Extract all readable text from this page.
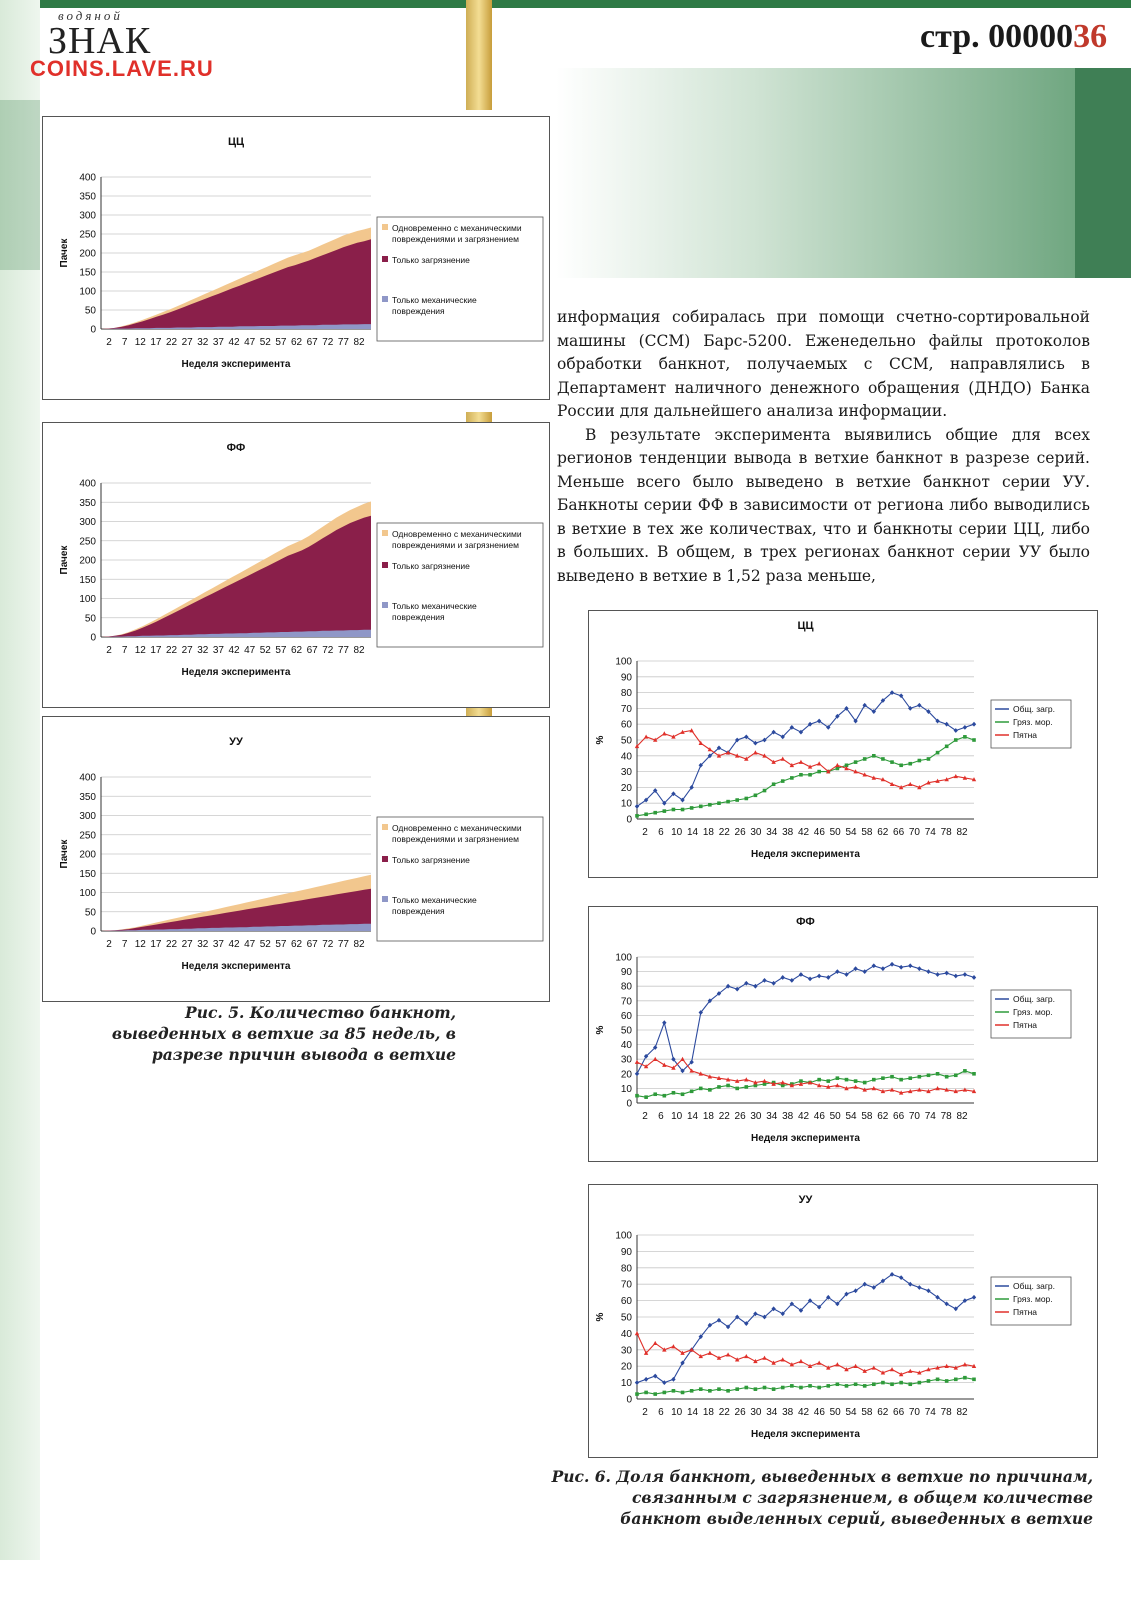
водяной
ЗНАК
COINS.LAVE.RU
стр. 0000036
ЦЦ
0
50
100
150
200
250
300
350
400
2 7 12 17 22 27 32 37 42 47 52 57 62 67 72 77 82
Неделя эксперимента
Пачек
Одновременно с механическими
повреждениями и загрязнением
Только загрязнение
Только механические
повреждения
ФФ
0
50
100
150
200
250
300
350
400
2 7 12 17 22 27 32 37 42 47 52 57 62 67 72 77 82
Неделя эксперимента
Пачек
Одновременно с механическими
повреждениями и загрязнением
Только загрязнение
Только механические
повреждения
УУ
0
50
100
150
200
250
300
350
400
2 7 12 17 22 27 32 37 42 47 52 57 62 67 72 77 82
Неделя эксперимента
Пачек
Одновременно с механическими
повреждениями и загрязнением
Только загрязнение
Только механические
повреждения
ЦЦ
0
10
20
30
40
50
60
70
80
90
100
2 6 10 14 18 22 26 30 34 38 42 46 50 54 58 62 66 70 74 78 82
Неделя эксперимента
%
Общ. загр.
Гряз. мор.
Пятна
ФФ
0
10
20
30
40
50
60
70
80
90
100
2 6 10 14 18 22 26 30 34 38 42 46 50 54 58 62 66 70 74 78 82
Неделя эксперимента
%
Общ. загр.
Гряз. мор.
Пятна
УУ
0
10
20
30
40
50
60
70
80
90
100
2 6 10 14 18 22 26 30 34 38 42 46 50 54 58 62 66 70 74 78 82
Неделя эксперимента
%
Общ. загр.
Гряз. мор.
Пятна

информация собиралась при помощи счетно-сортировальной машины (ССМ) Барс-5200. Еженедельно файлы протоколов обработки банкнот, получаемых с ССМ, направлялись в Департамент наличного денежного обращения (ДНДО) Банка России для дальнейшего анализа информации.

В результате эксперимента выявились общие для всех регионов тенденции вывода в ветхие банкнот в разрезе серий. Меньше всего было выведено в ветхие банкнот серии УУ. Банкноты серии ФФ в зависимости от региона либо выводились в ветхие в тех же количествах, что и банкноты серии ЦЦ, либо в больших. В общем, в трех регионах банкнот серии УУ было выведено в ветхие в 1,52 раза меньше,

Рис. 5. Количество банкнот, выведенных в ветхие за 85 недель, в разрезе причин вывода в ветхие
Рис. 6. Доля банкнот, выведенных в ветхие по причинам, связанным с загрязнением, в общем количестве банкнот выделенных серий, выведенных в ветхие
